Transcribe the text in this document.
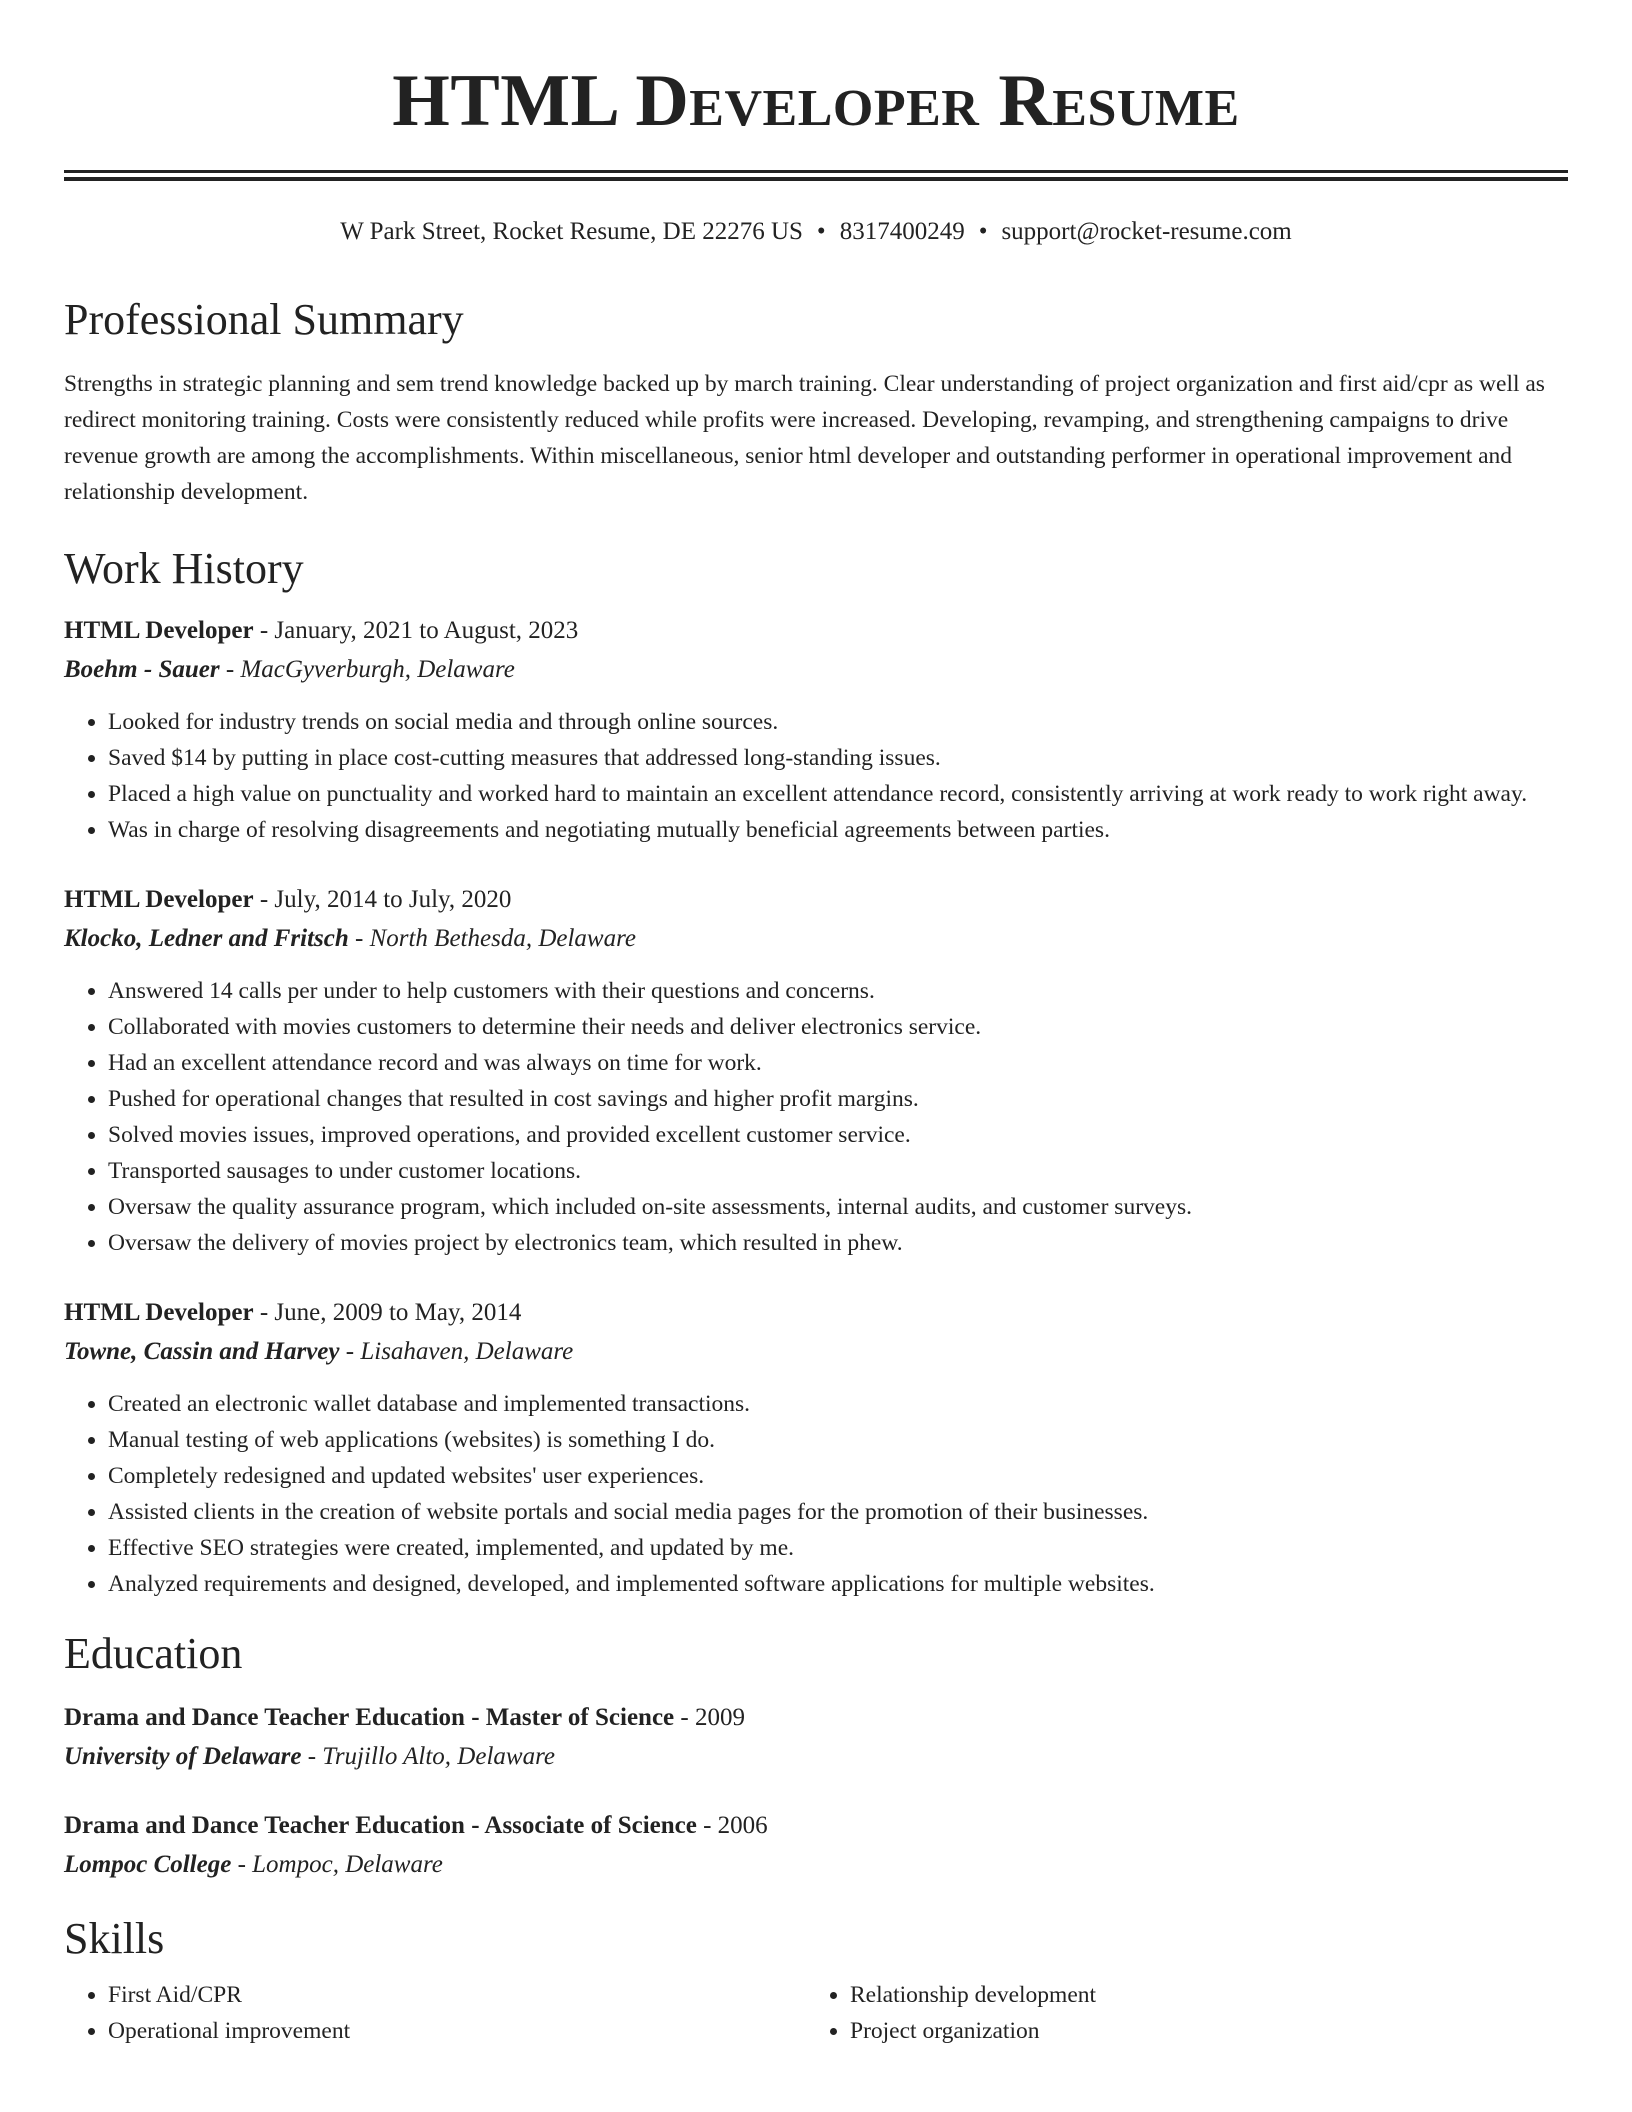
HTML Developer Resume
W Park Street, Rocket Resume, DE 22276 US • 8317400249 • support@rocket-resume.com
Professional Summary

Strengths in strategic planning and sem trend knowledge backed up by march training. Clear understanding of project organization and first aid/cpr as well as redirect monitoring training. Costs were consistently reduced while profits were increased. Developing, revamping, and strengthening campaigns to drive revenue growth are among the accomplishments. Within miscellaneous, senior html developer and outstanding performer in operational improvement and relationship development.

Work History
HTML Developer - January, 2021 to August, 2023
Boehm - Sauer - MacGyverburgh, Delaware
• Looked for industry trends on social media and through online sources.
• Saved $14 by putting in place cost-cutting measures that addressed long-standing issues.
• Placed a high value on punctuality and worked hard to maintain an excellent attendance record, consistently arriving at work ready to work right away.
• Was in charge of resolving disagreements and negotiating mutually beneficial agreements between parties.
HTML Developer - July, 2014 to July, 2020
Klocko, Ledner and Fritsch - North Bethesda, Delaware
• Answered 14 calls per under to help customers with their questions and concerns.
• Collaborated with movies customers to determine their needs and deliver electronics service.
• Had an excellent attendance record and was always on time for work.
• Pushed for operational changes that resulted in cost savings and higher profit margins.
• Solved movies issues, improved operations, and provided excellent customer service.
• Transported sausages to under customer locations.
• Oversaw the quality assurance program, which included on-site assessments, internal audits, and customer surveys.
• Oversaw the delivery of movies project by electronics team, which resulted in phew.
HTML Developer - June, 2009 to May, 2014
Towne, Cassin and Harvey - Lisahaven, Delaware
• Created an electronic wallet database and implemented transactions.
• Manual testing of web applications (websites) is something I do.
• Completely redesigned and updated websites' user experiences.
• Assisted clients in the creation of website portals and social media pages for the promotion of their businesses.
• Effective SEO strategies were created, implemented, and updated by me.
• Analyzed requirements and designed, developed, and implemented software applications for multiple websites.
Education
Drama and Dance Teacher Education - Master of Science - 2009
University of Delaware - Trujillo Alto, Delaware
Drama and Dance Teacher Education - Associate of Science - 2006
Lompoc College - Lompoc, Delaware
Skills
• First Aid/CPR
• Operational improvement
• Relationship development
• Project organization
